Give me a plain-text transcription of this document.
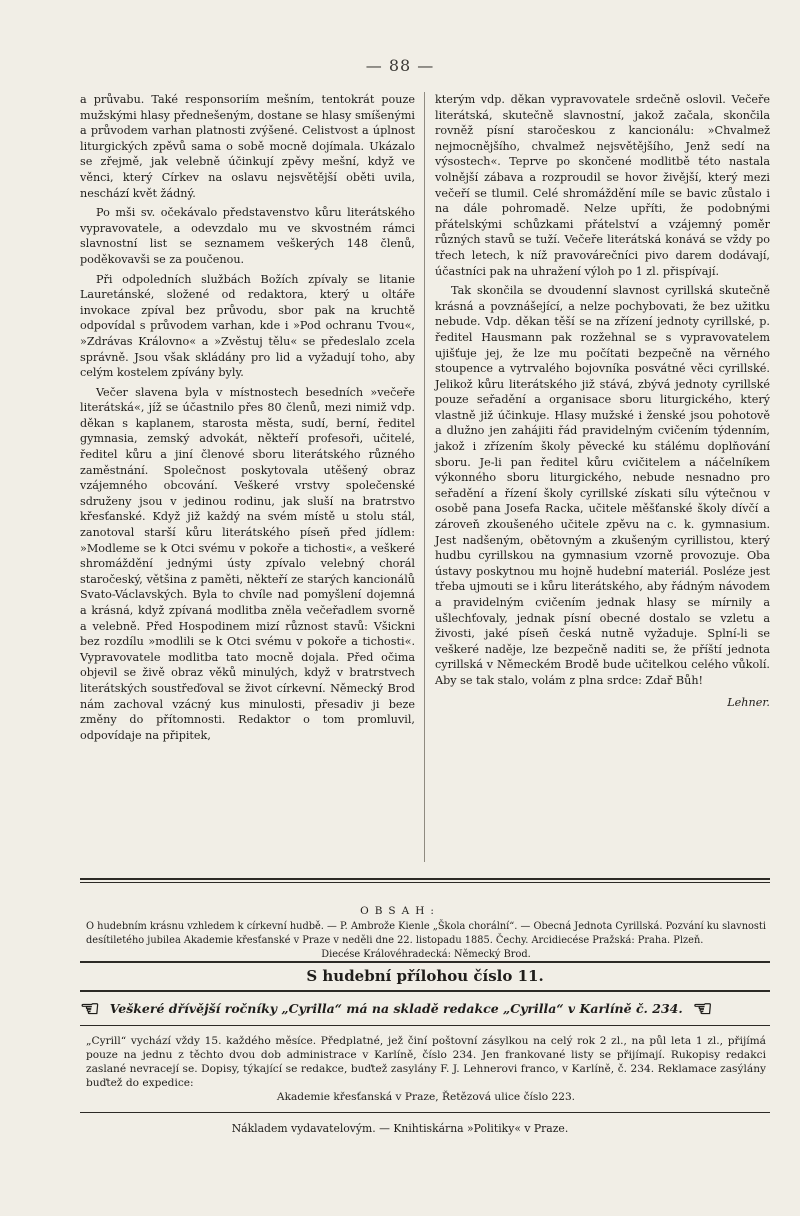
— 88 —

a průvabu. Také responsoriím mešním, tentokrát pouze mužskými hlasy přednešeným, dostane se hlasy smíšenými a průvodem varhan platnosti zvýšené. Celistvost a úplnost liturgických zpěvů sama o sobě mocně dojímala. Ukázalo se zřejmě, jak velebně účinkují zpěvy mešní, když ve věnci, který Církev na oslavu nejsvětější oběti uvila, neschází květ žádný.

Po mši sv. očekávalo představenstvo kůru literátského vypravovatele, a odevzdalo mu ve skvostném rámci slavnostní list se seznamem veškerých 148 členů, poděkovavši se za poučenou.

Při odpoledních službách Božích zpívaly se litanie Lauretánské, složené od redaktora, který u oltáře invokace zpíval bez průvodu, sbor pak na kruchtě odpovídal s průvodem varhan, kde i »Pod ochranu Tvou«, »Zdrávas Královno« a »Zvěstuj tělu« se předeslalo zcela správně. Jsou však skládány pro lid a vyžadují toho, aby celým kostelem zpívány byly.

Večer slavena byla v místnostech besedních »večeře literátská«, jíž se účastnilo přes 80 členů, mezi nimiž vdp. děkan s kaplanem, starosta města, sudí, berní, ředitel gymnasia, zemský advokát, někteří profesoři, učitelé, ředitel kůru a jiní členové sboru literátského různého zaměstnání. Společnost poskytovala utěšený obraz vzájemného obcování. Veškeré vrstvy společenské sdruženy jsou v jedinou rodinu, jak sluší na bratrstvo křesťanské. Když již každý na svém místě u stolu stál, zanotoval starší kůru literátského píseň před jídlem: »Modleme se k Otci svému v pokoře a tichosti«, a veškeré shromáždění jednými ústy zpívalo velebný chorál staročeský, většina z paměti, někteří ze starých kancionálů Svato-Václavských. Byla to chvíle nad pomyšlení dojemná a krásná, když zpívaná modlitba zněla večeřadlem svorně a velebně. Před Hospodinem mizí různost stavů: Všickni bez rozdílu »modlili se k Otci svému v pokoře a tichosti«. Vypravovatele modlitba tato mocně dojala. Před očima objevil se živě obraz věků minulých, když v bratrstvech literátských soustřeďoval se život církevní. Německý Brod nám zachoval vzácný kus minulosti, přesadiv ji beze změny do přítomnosti. Redaktor o tom promluvil, odpovídaje na připitek,

kterým vdp. děkan vypravovatele srdečně oslovil. Večeře literátská, skutečně slavnostní, jakož začala, skončila rovněž písní staročeskou z kancionálu: »Chvalmež nejmocnějšího, chvalmež nejsvětějšího, Jenž sedí na výsostech«. Teprve po skončené modlitbě této nastala volnější zábava a rozproudil se hovor živější, který mezi večeří se tlumil. Celé shromáždění míle se bavic zůstalo i na dále pohromadě. Nelze upříti, že podobnými přátelskými schůzkami přátelství a vzájemný poměr různých stavů se tuží. Večeře literátská konává se vždy po třech letech, k níž pravovárečníci pivo darem dodávají, účastníci pak na uhražení výloh po 1 zl. přispívají.

Tak skončila se dvoudenní slavnost cyrillská skutečně krásná a povznášející, a nelze pochybovati, že bez užitku nebude. Vdp. děkan těší se na zřízení jednoty cyrillské, p. ředitel Hausmann pak rozžehnal se s vypravovatelem ujišťuje jej, že lze mu počítati bezpečně na věrného stoupence a vytrvalého bojovníka posvátné věci cyrillské. Jelikož kůru literátského již stává, zbývá jednoty cyrillské pouze seřadění a organisace sboru liturgického, který vlastně již účinkuje. Hlasy mužské i ženské jsou pohotově a dlužno jen zahájiti řád pravidelným cvičením týdenním, jakož i zřízením školy pěvecké ku stálému doplňování sboru. Je-li pan ředitel kůru cvičitelem a náčelníkem výkonného sboru liturgického, nebude nesnadno pro seřadění a řízení školy cyrillské získati sílu výtečnou v osobě pana Josefa Racka, učitele měšťanské školy dívčí a zároveň zkoušeného učitele zpěvu na c. k. gymnasium. Jest nadšeným, obětovným a zkušeným cyrillistou, který hudbu cyrillskou na gymnasium vzorně provozuje. Oba ústavy poskytnou mu hojně hudební materiál. Posléze jest třeba ujmouti se i kůru literátského, aby řádným návodem a pravidelným cvičením jednak hlasy se mírnily a ušlechťovaly, jednak písní obecné dostalo se vzletu a živosti, jaké píseň česká nutně vyžaduje. Splní-li se veškeré naděje, lze bezpečně naditi se, že příští jednota cyrillská v Německém Brodě bude učitelkou celého vůkolí. Aby se tak stalo, volám z plna srdce: Zdař Bůh!

Lehner.
OBSAH:
O hudebním krásnu vzhledem k církevní hudbě. — P. Ambrože Kienle „Škola chorální“. — Obecná Jednota Cyrillská. Pozvání ku slavnosti desítiletého jubilea Akademie křesťanské v Praze v neděli dne 22. listopadu 1885. Čechy. Arcidiecése Pražská: Praha. Plzeň.
Diecése Královéhradecká: Německý Brod.
S hudební přílohou číslo 11.
☞ Veškeré dřívější ročníky „Cyrilla“ má na skladě redakce „Cyrilla“ v Karlíně č. 234. ☜
„Cyrill“ vychází vždy 15. každého měsíce. Předplatné, jež činí poštovní zásylkou na celý rok 2 zl., na půl leta 1 zl., přijímá pouze na jednu z těchto dvou dob administrace v Karlíně, číslo 234. Jen frankované listy se přijímají. Rukopisy redakci zaslané nevracejí se. Dopisy, týkající se redakce, buďtež zasylány F. J. Lehnerovi franco, v Karlíně, č. 234. Reklamace zasýlány buďtež do expedice:
Akademie křesťanská v Praze, Řetězová ulice číslo 223.
Nákladem vydavatelovým. — Knihtiskárna »Politiky« v Praze.
